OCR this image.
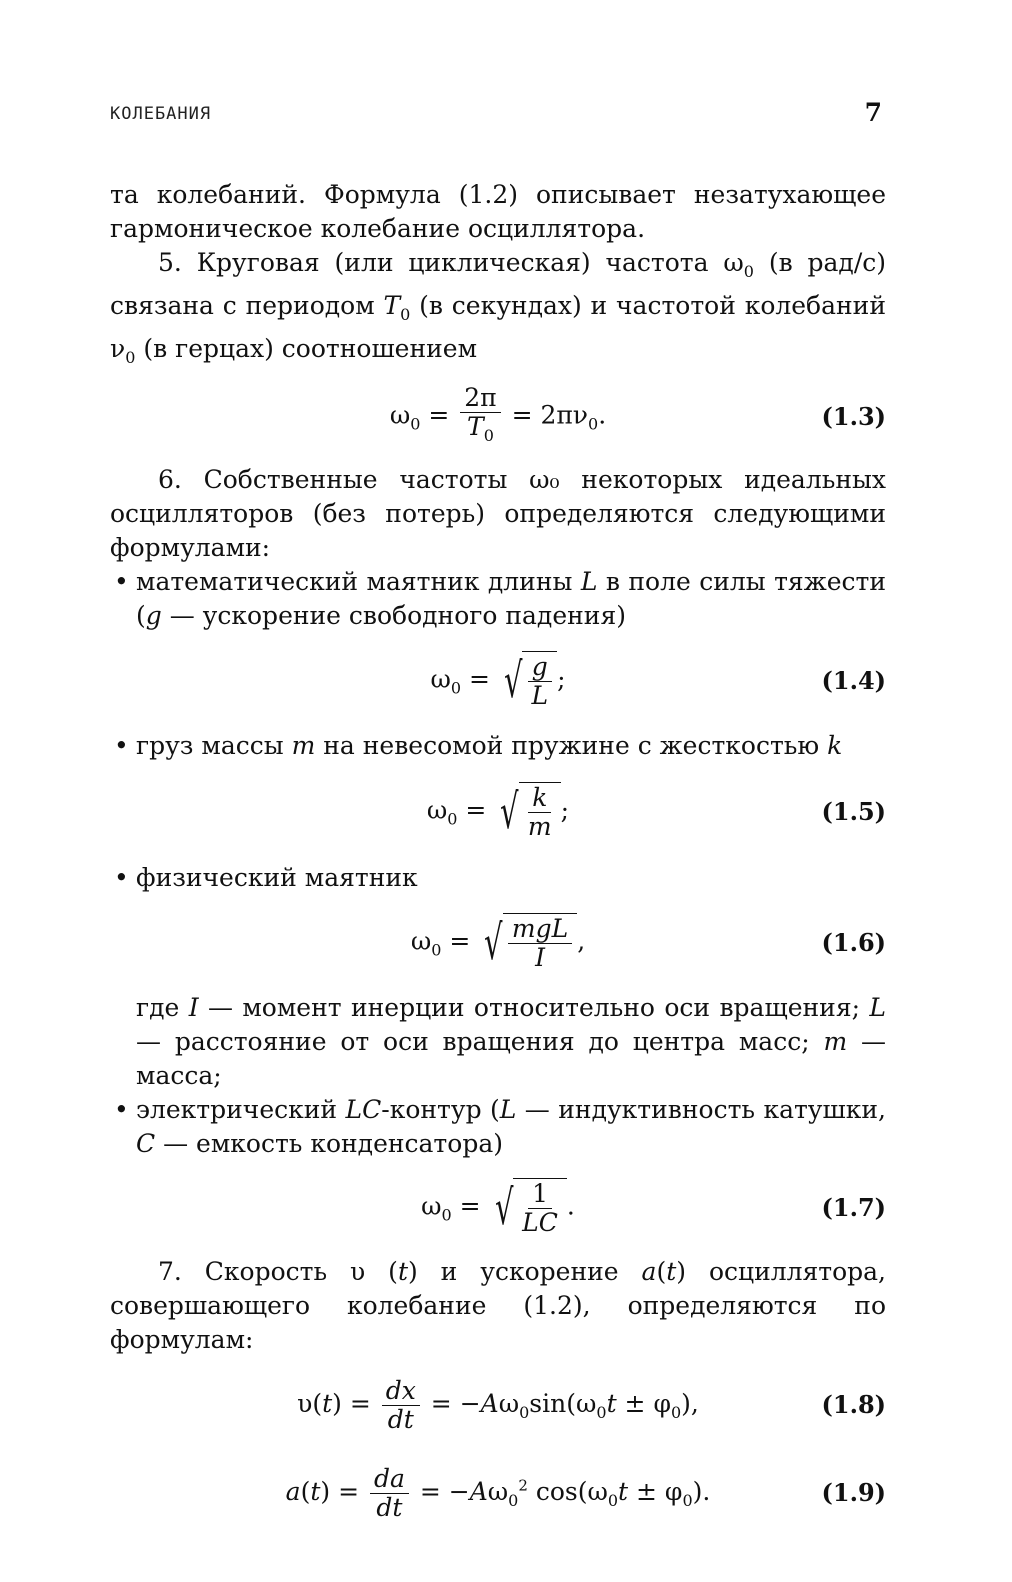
КОЛЕБАНИЯ	7

та колебаний. Формула (1.2) описывает незатухающее гармоническое колебание осциллятора.

5. Круговая (или циклическая) частота $\omega_0$ (в рад/с) связана с периодом $T_0$ (в секундах) и частотой колебаний $\nu_0$ (в герцах) соотношением

$\omega_0 = \frac{2\pi}{T_0} = 2\pi\nu_0$.	(1.3)

6. Собственные частоты ω₀ некоторых идеальных осцилляторов (без потерь) определяются следующими формулами:

• математический маятник длины L в поле силы тяжести (g — ускорение свободного падения)
$\omega_0$ = √ $\frac{g}{L}$ ;	(1.4)
• груз массы m на невесомой пружине с жесткостью k
$\omega_0$ = √ $\frac{k}{m}$ ;	(1.5)
• физический маятник
$\omega_0$ = √ $\frac{\text{mgL}}{I}$ ,	(1.6)

где I — момент инерции относительно оси вращения; L — расстояние от оси вращения до центра масс; m — масса;

• электрический LC-контур (L — индуктивность катушки, C — емкость конденсатора)
$\omega_0$ = √ $\frac{1}{LC}$ .	(1.7)

7. Скорость υ (t) и ускорение a(t) осциллятора, совершающего колебание (1.2), определяются по формулам:

$\upsilon(t) = \frac{dx}{dt} = -A\omega_0\sin(\omega_0t \pm \varphi_0)$,	(1.8)
$a(t) = \frac{da}{dt} = -A\omega_0^2$ $\cos(\omega_0t \pm \varphi_0)$.	(1.9)
